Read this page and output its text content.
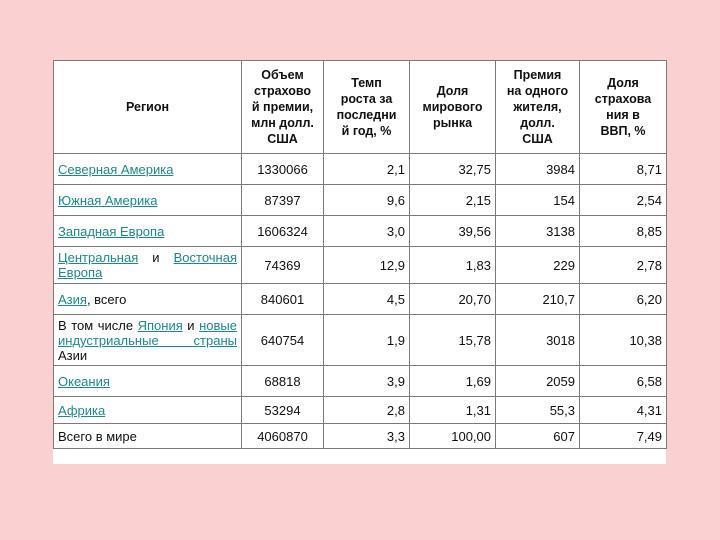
Регион	Объем
страхово
й премии,
млн долл.
США	Темп
роста за
последни
й год, %	Доля
мирового
рынка	Премия
на одного
жителя,
долл.
США	Доля
страхова
ния в
ВВП, %

Северная Америка	1330066	2,1	32,75	3984	8,71
Южная Америка	87397	9,6	2,15	154	2,54
Западная Европа	1606324	3,0	39,56	3138	8,85
Центральная и Восточная Европа	74369	12,9	1,83	229	2,78
Азия, всего	840601	4,5	20,70	210,7	6,20
В том числе Япония и новые индустриальные страны Азии	640754	1,9	15,78	3018	10,38
Океания	68818	3,9	1,69	2059	6,58
Африка	53294	2,8	1,31	55,3	4,31
Всего в мире	4060870	3,3	100,00	607	7,49
